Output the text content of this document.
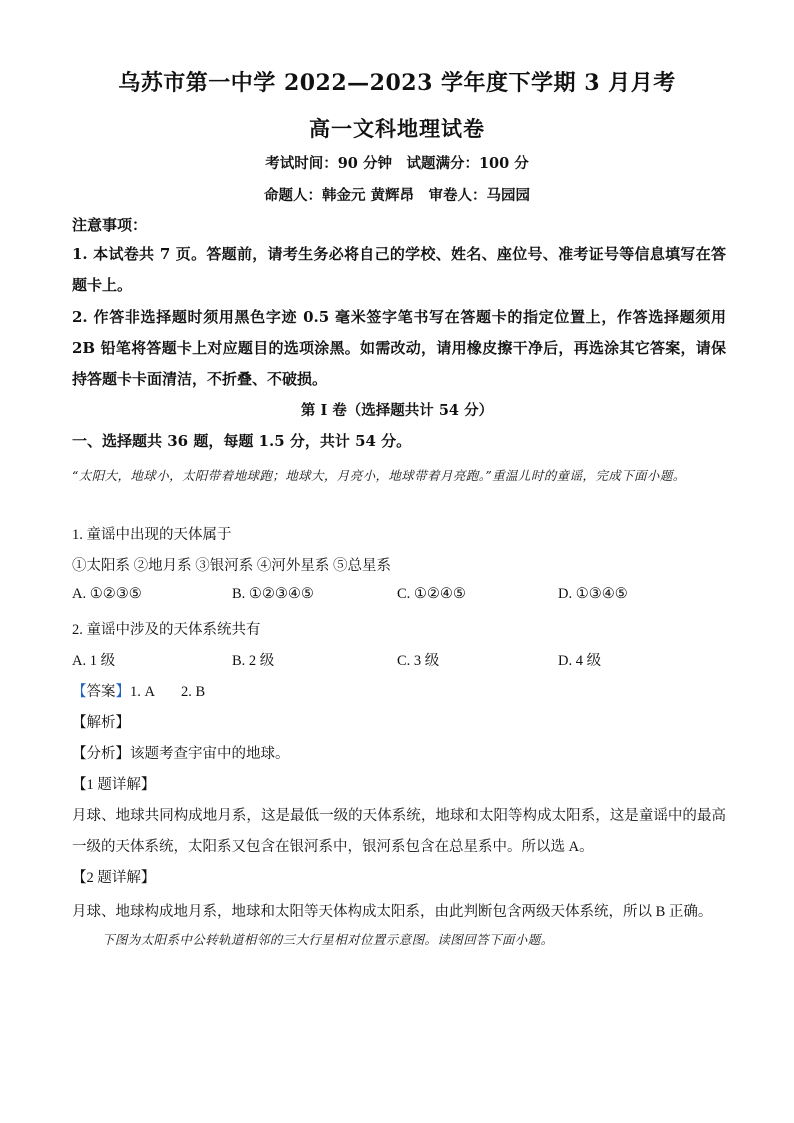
乌苏市第一中学 2022—2023 学年度下学期 3 月月考
高一文科地理试卷
考试时间：90 分钟　试题满分：100 分
命题人：韩金元 黄辉昂　审卷人：马园园
注意事项：
1. 本试卷共 7 页。答题前，请考生务必将自己的学校、姓名、座位号、准考证号等信息填写在答题卡上。
2. 作答非选择题时须用黑色字迹 0.5 毫米签字笔书写在答题卡的指定位置上，作答选择题须用 2B 铅笔将答题卡上对应题目的选项涂黑。如需改动，请用橡皮擦干净后，再选涂其它答案，请保持答题卡卡面清洁，不折叠、不破损。
第 I 卷（选择题共计 54 分）
一、选择题共 36 题，每题 1.5 分，共计 54 分。
“太阳大，地球小，太阳带着地球跑；地球大，月亮小，地球带着月亮跑。”重温儿时的童谣，完成下面小题。
1. 童谣中出现的天体属于
①太阳系 ②地月系 ③银河系 ④河外星系 ⑤总星系
A. ①②③⑤	B. ①②③④⑤	C. ①②④⑤	D. ①③④⑤
2. 童谣中涉及的天体系统共有
A. 1 级	B. 2 级	C. 3 级	D. 4 级
【答案】1. A 2. B
【解析】
【分析】该题考查宇宙中的地球。
【1 题详解】
月球、地球共同构成地月系，这是最低一级的天体系统，地球和太阳等构成太阳系，这是童谣中的最高一级的天体系统，太阳系又包含在银河系中，银河系包含在总星系中。所以选 A。
【2 题详解】
月球、地球构成地月系，地球和太阳等天体构成太阳系，由此判断包含两级天体系统，所以 B 正确。
下图为太阳系中公转轨道相邻的三大行星相对位置示意图。读图回答下面小题。
